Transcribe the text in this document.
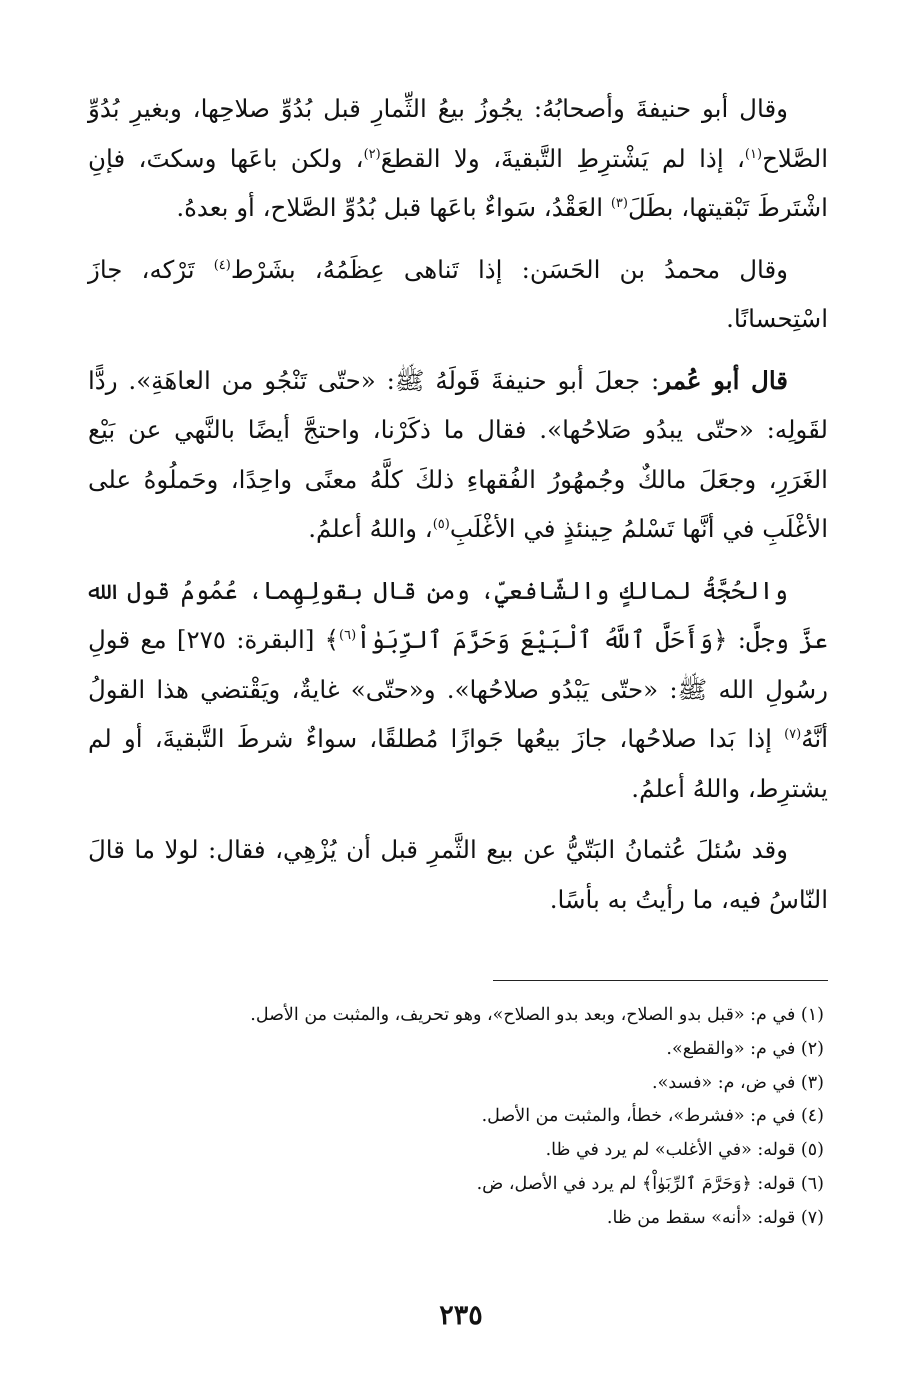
وقال أبو حنيفةَ وأصحابُهُ: يجُوزُ بيعُ الثِّمارِ قبل بُدُوِّ صلاحِها، وبغيرِ بُدُوِّ الصَّلاح$^{(١)}$، إذا لم يَشْترِطِ التَّبقيةَ، ولا القطعَ$^{(٢)}$، ولكن باعَها وسكتَ، فإنِ اشْتَرطَ تَبْقيتها، بطَلَ$^{(٣)}$ العَقْدُ، سَواءٌ باعَها قبل بُدُوِّ الصَّلاح، أو بعدهُ.

وقال محمدُ بن الحَسَن: إذا تَناهى عِظَمُهُ، بشَرْط$^{(٤)}$ تَرْكه، جازَ اسْتِحسانًا.

قال أبو عُمر: جعلَ أبو حنيفةَ قَولَهُ ﷺ: «حتّى تَنْجُو من العاهَةِ». ردًّا لقَولِه: «حتّى يبدُو صَلاحُها». فقال ما ذكَرْنا، واحتجَّ أيضًا بالنَّهي عن بَيْع الغَرَرِ، وجعَلَ مالكٌ وجُمهُورُ الفُقهاءِ ذلكَ كلَّهُ معنًى واحِدًا، وحَملُوهُ على الأغْلَبِ في أنَّها تَسْلمُ حِينئذٍ في الأغْلَبِ$^{(٥)}$، واللهُ أعلمُ.

والحُجَّةُ لمالكٍ والشّافعيِّ، ومن قال بقولِهِما، عُمُومُ قول الله عزَّ وجلَّ: ﴿وَأَحَلَّ ٱللَّهُ ٱلْبَيْعَ وَحَرَّمَ ٱلرِّبَوٰاْ$^{(٦)}$﴾ [البقرة: ٢٧٥] مع قولِ رسُولِ الله ﷺ: «حتّى يَبْدُو صلاحُها». و«حتّى» غايةٌ، ويَقْتضي هذا القولُ أنَّهُ$^{(٧)}$ إذا بَدا صلاحُها، جازَ بيعُها جَوازًا مُطلقًا، سواءٌ شرطَ التَّبقيةَ، أو لم يشترِط، واللهُ أعلمُ.

وقد سُئلَ عُثمانُ البَتّيُّ عن بيع الثَّمرِ قبل أن يُزْهِي، فقال: لولا ما قالَ النّاسُ فيه، ما رأيتُ به بأسًا.

(١) في م: «قبل بدو الصلاح، وبعد بدو الصلاح»، وهو تحريف، والمثبت من الأصل.

(٢) في م: «والقطع».

(٣) في ض، م: «فسد».

(٤) في م: «فشرط»، خطأ، والمثبت من الأصل.

(٥) قوله: «في الأغلب» لم يرد في ظا.

(٦) قوله: ﴿وَحَرَّمَ ٱلرِّبَوٰاْ﴾ لم يرد في الأصل، ض.

(٧) قوله: «أنه» سقط من ظا.

٢٣٥
